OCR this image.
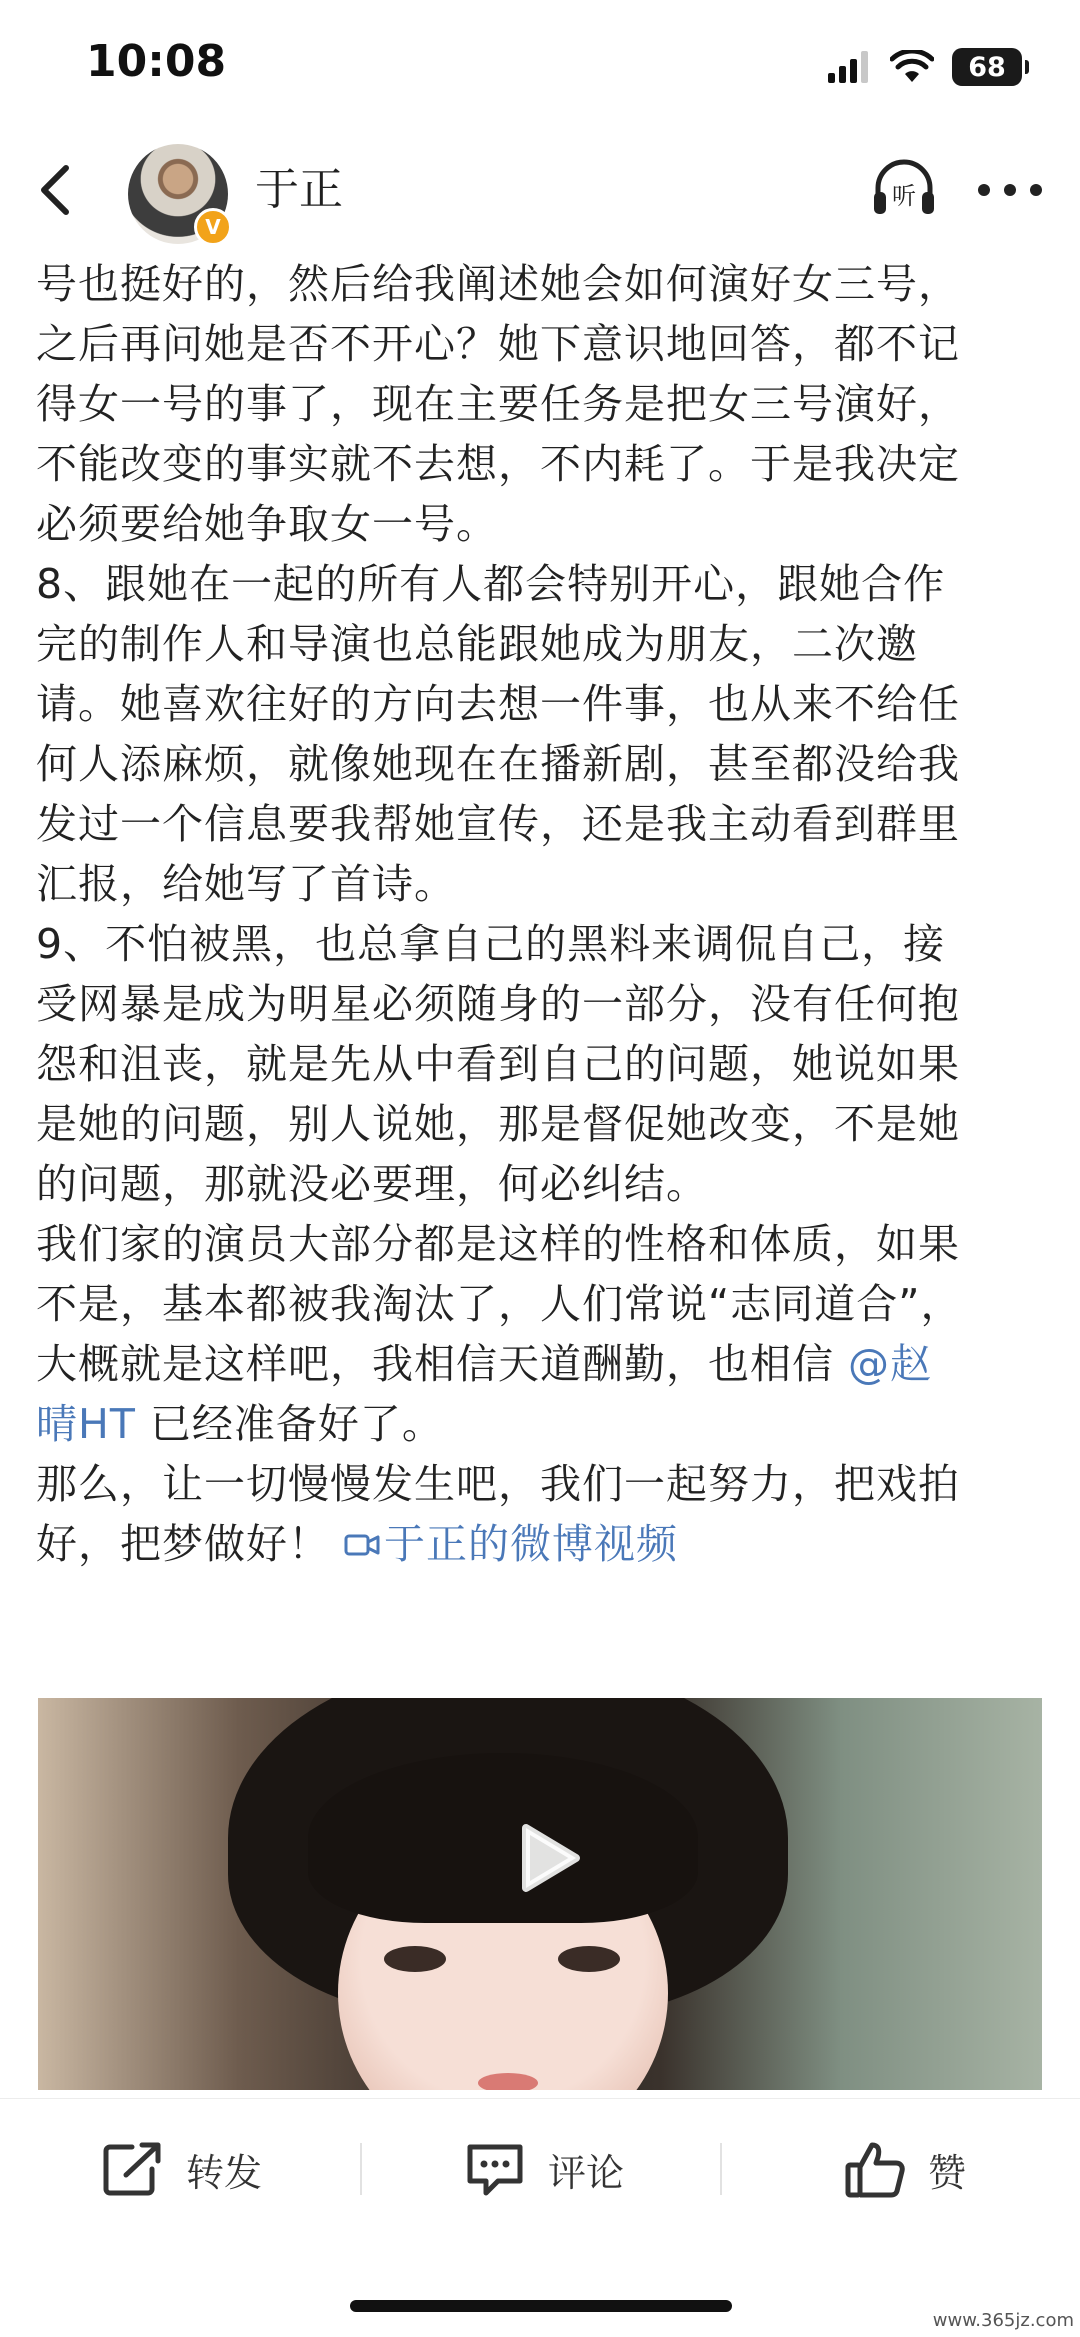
10:08	68
V
于正	听

号也挺好的，然后给我阐述她会如何演好女三号，

之后再问她是否不开心？她下意识地回答，都不记

得女一号的事了，现在主要任务是把女三号演好，

不能改变的事实就不去想，不内耗了。于是我决定

必须要给她争取女一号。

8、跟她在一起的所有人都会特别开心，跟她合作

完的制作人和导演也总能跟她成为朋友，二次邀

请。她喜欢往好的方向去想一件事，也从来不给任

何人添麻烦，就像她现在在播新剧，甚至都没给我

发过一个信息要我帮她宣传，还是我主动看到群里

汇报，给她写了首诗。

9、不怕被黑，也总拿自己的黑料来调侃自己，接

受网暴是成为明星必须随身的一部分，没有任何抱

怨和沮丧，就是先从中看到自己的问题，她说如果

是她的问题，别人说她，那是督促她改变，不是她

的问题，那就没必要理，何必纠结。

我们家的演员大部分都是这样的性格和体质，如果

不是，基本都被我淘汰了，人们常说“志同道合”，

大概就是这样吧，我相信天道酬勤，也相信 @赵

晴HT 已经准备好了。

那么，让一切慢慢发生吧，我们一起努力，把戏拍

好，把梦做好！ 于正的微博视频

转发	评论	赞
www.365jz.com
